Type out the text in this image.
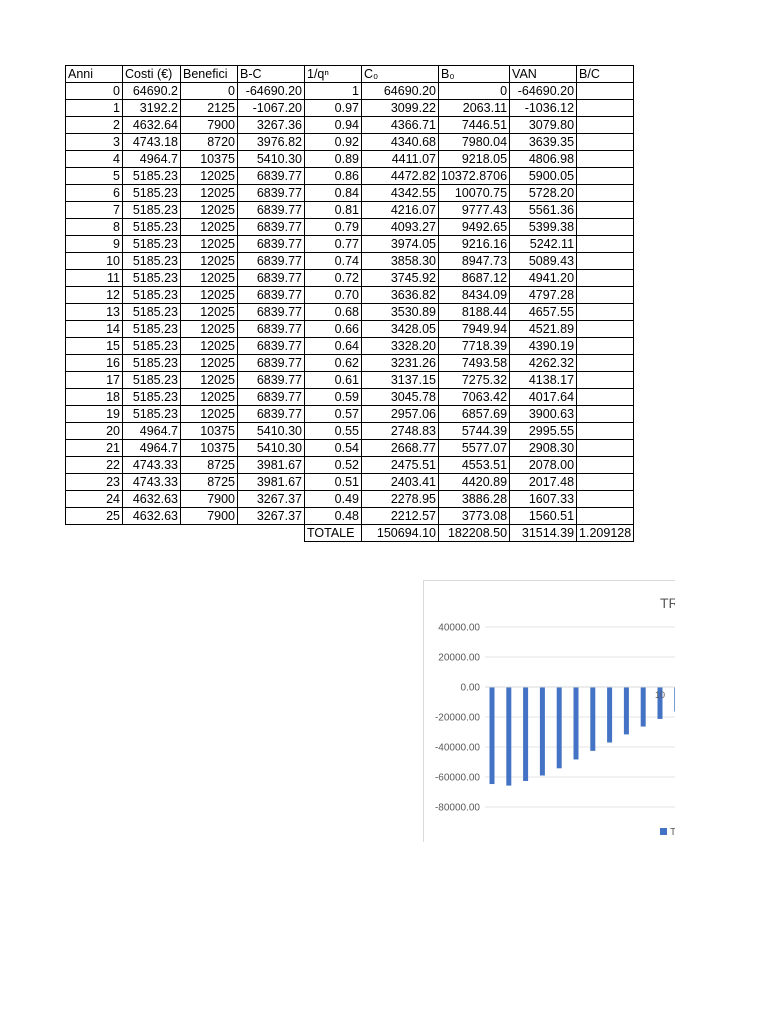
Anni	Costi (€)	Benefici	B-C	1/qⁿ	C₀	B₀	VAN	B/C
0	64690.2	0	-64690.20	1	64690.20	0	-64690.20	
1	3192.2	2125	-1067.20	0.97	3099.22	2063.11	-1036.12	
2	4632.64	7900	3267.36	0.94	4366.71	7446.51	3079.80	
3	4743.18	8720	3976.82	0.92	4340.68	7980.04	3639.35	
4	4964.7	10375	5410.30	0.89	4411.07	9218.05	4806.98	
5	5185.23	12025	6839.77	0.86	4472.82	10372.8706	5900.05	
6	5185.23	12025	6839.77	0.84	4342.55	10070.75	5728.20	
7	5185.23	12025	6839.77	0.81	4216.07	9777.43	5561.36	
8	5185.23	12025	6839.77	0.79	4093.27	9492.65	5399.38	
9	5185.23	12025	6839.77	0.77	3974.05	9216.16	5242.11	
10	5185.23	12025	6839.77	0.74	3858.30	8947.73	5089.43	
11	5185.23	12025	6839.77	0.72	3745.92	8687.12	4941.20	
12	5185.23	12025	6839.77	0.70	3636.82	8434.09	4797.28	
13	5185.23	12025	6839.77	0.68	3530.89	8188.44	4657.55	
14	5185.23	12025	6839.77	0.66	3428.05	7949.94	4521.89	
15	5185.23	12025	6839.77	0.64	3328.20	7718.39	4390.19	
16	5185.23	12025	6839.77	0.62	3231.26	7493.58	4262.32	
17	5185.23	12025	6839.77	0.61	3137.15	7275.32	4138.17	
18	5185.23	12025	6839.77	0.59	3045.78	7063.42	4017.64	
19	5185.23	12025	6839.77	0.57	2957.06	6857.69	3900.63	
20	4964.7	10375	5410.30	0.55	2748.83	5744.39	2995.55	
21	4964.7	10375	5410.30	0.54	2668.77	5577.07	2908.30	
22	4743.33	8725	3981.67	0.52	2475.51	4553.51	2078.00	
23	4743.33	8725	3981.67	0.51	2403.41	4420.89	2017.48	
24	4632.63	7900	3267.37	0.49	2278.95	3886.28	1607.33	
25	4632.63	7900	3267.37	0.48	2212.57	3773.08	1560.51	
				TOTALE	150694.10	182208.50	31514.39	1.209128
40000.00
20000.00
0.00
-20000.00
-40000.00
-60000.00
-80000.00
10
TR
T
